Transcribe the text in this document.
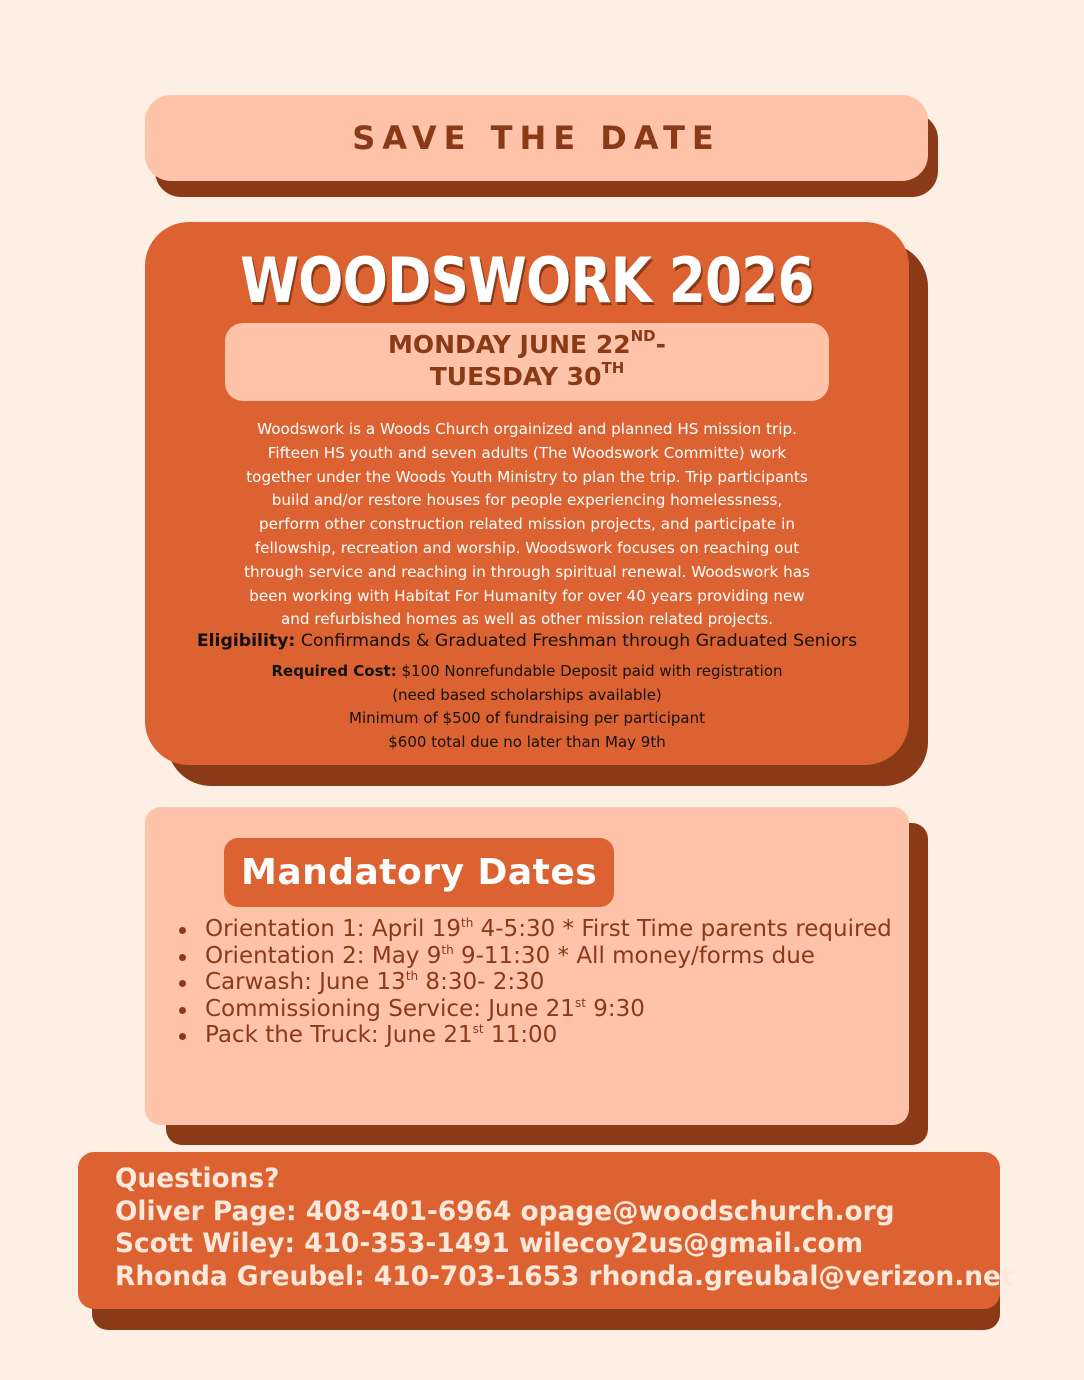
SAVE THE DATE
WOODSWORK 2026
MONDAY JUNE 22ND-
TUESDAY 30TH
Woodswork is a Woods Church orgainized and planned HS mission trip.
Fifteen HS youth and seven adults (The Woodswork Committe) work
together under the Woods Youth Ministry to plan the trip. Trip participants
build and/or restore houses for people experiencing homelessness,
perform other construction related mission projects, and participate in
fellowship, recreation and worship. Woodswork focuses on reaching out
through service and reaching in through spiritual renewal. Woodswork has
been working with Habitat For Humanity for over 40 years providing new
and refurbished homes as well as other mission related projects.
Eligibility: Confirmands & Graduated Freshman through Graduated Seniors
Required Cost: $100 Nonrefundable Deposit paid with registration
(need based scholarships available)
Minimum of $500 of fundraising per participant
$600 total due no later than May 9th
Mandatory Dates
Orientation 1: April 19th 4-5:30 * First Time parents required
Orientation 2: May 9th 9-11:30 * All money/forms due
Carwash: June 13th 8:30- 2:30
Commissioning Service: June 21st 9:30
Pack the Truck: June 21st 11:00
Questions?
Oliver Page: 408-401-6964 opage@woodschurch.org
Scott Wiley: 410-353-1491 wilecoy2us@gmail.com
Rhonda Greubel: 410-703-1653 rhonda.greubal@verizon.net
